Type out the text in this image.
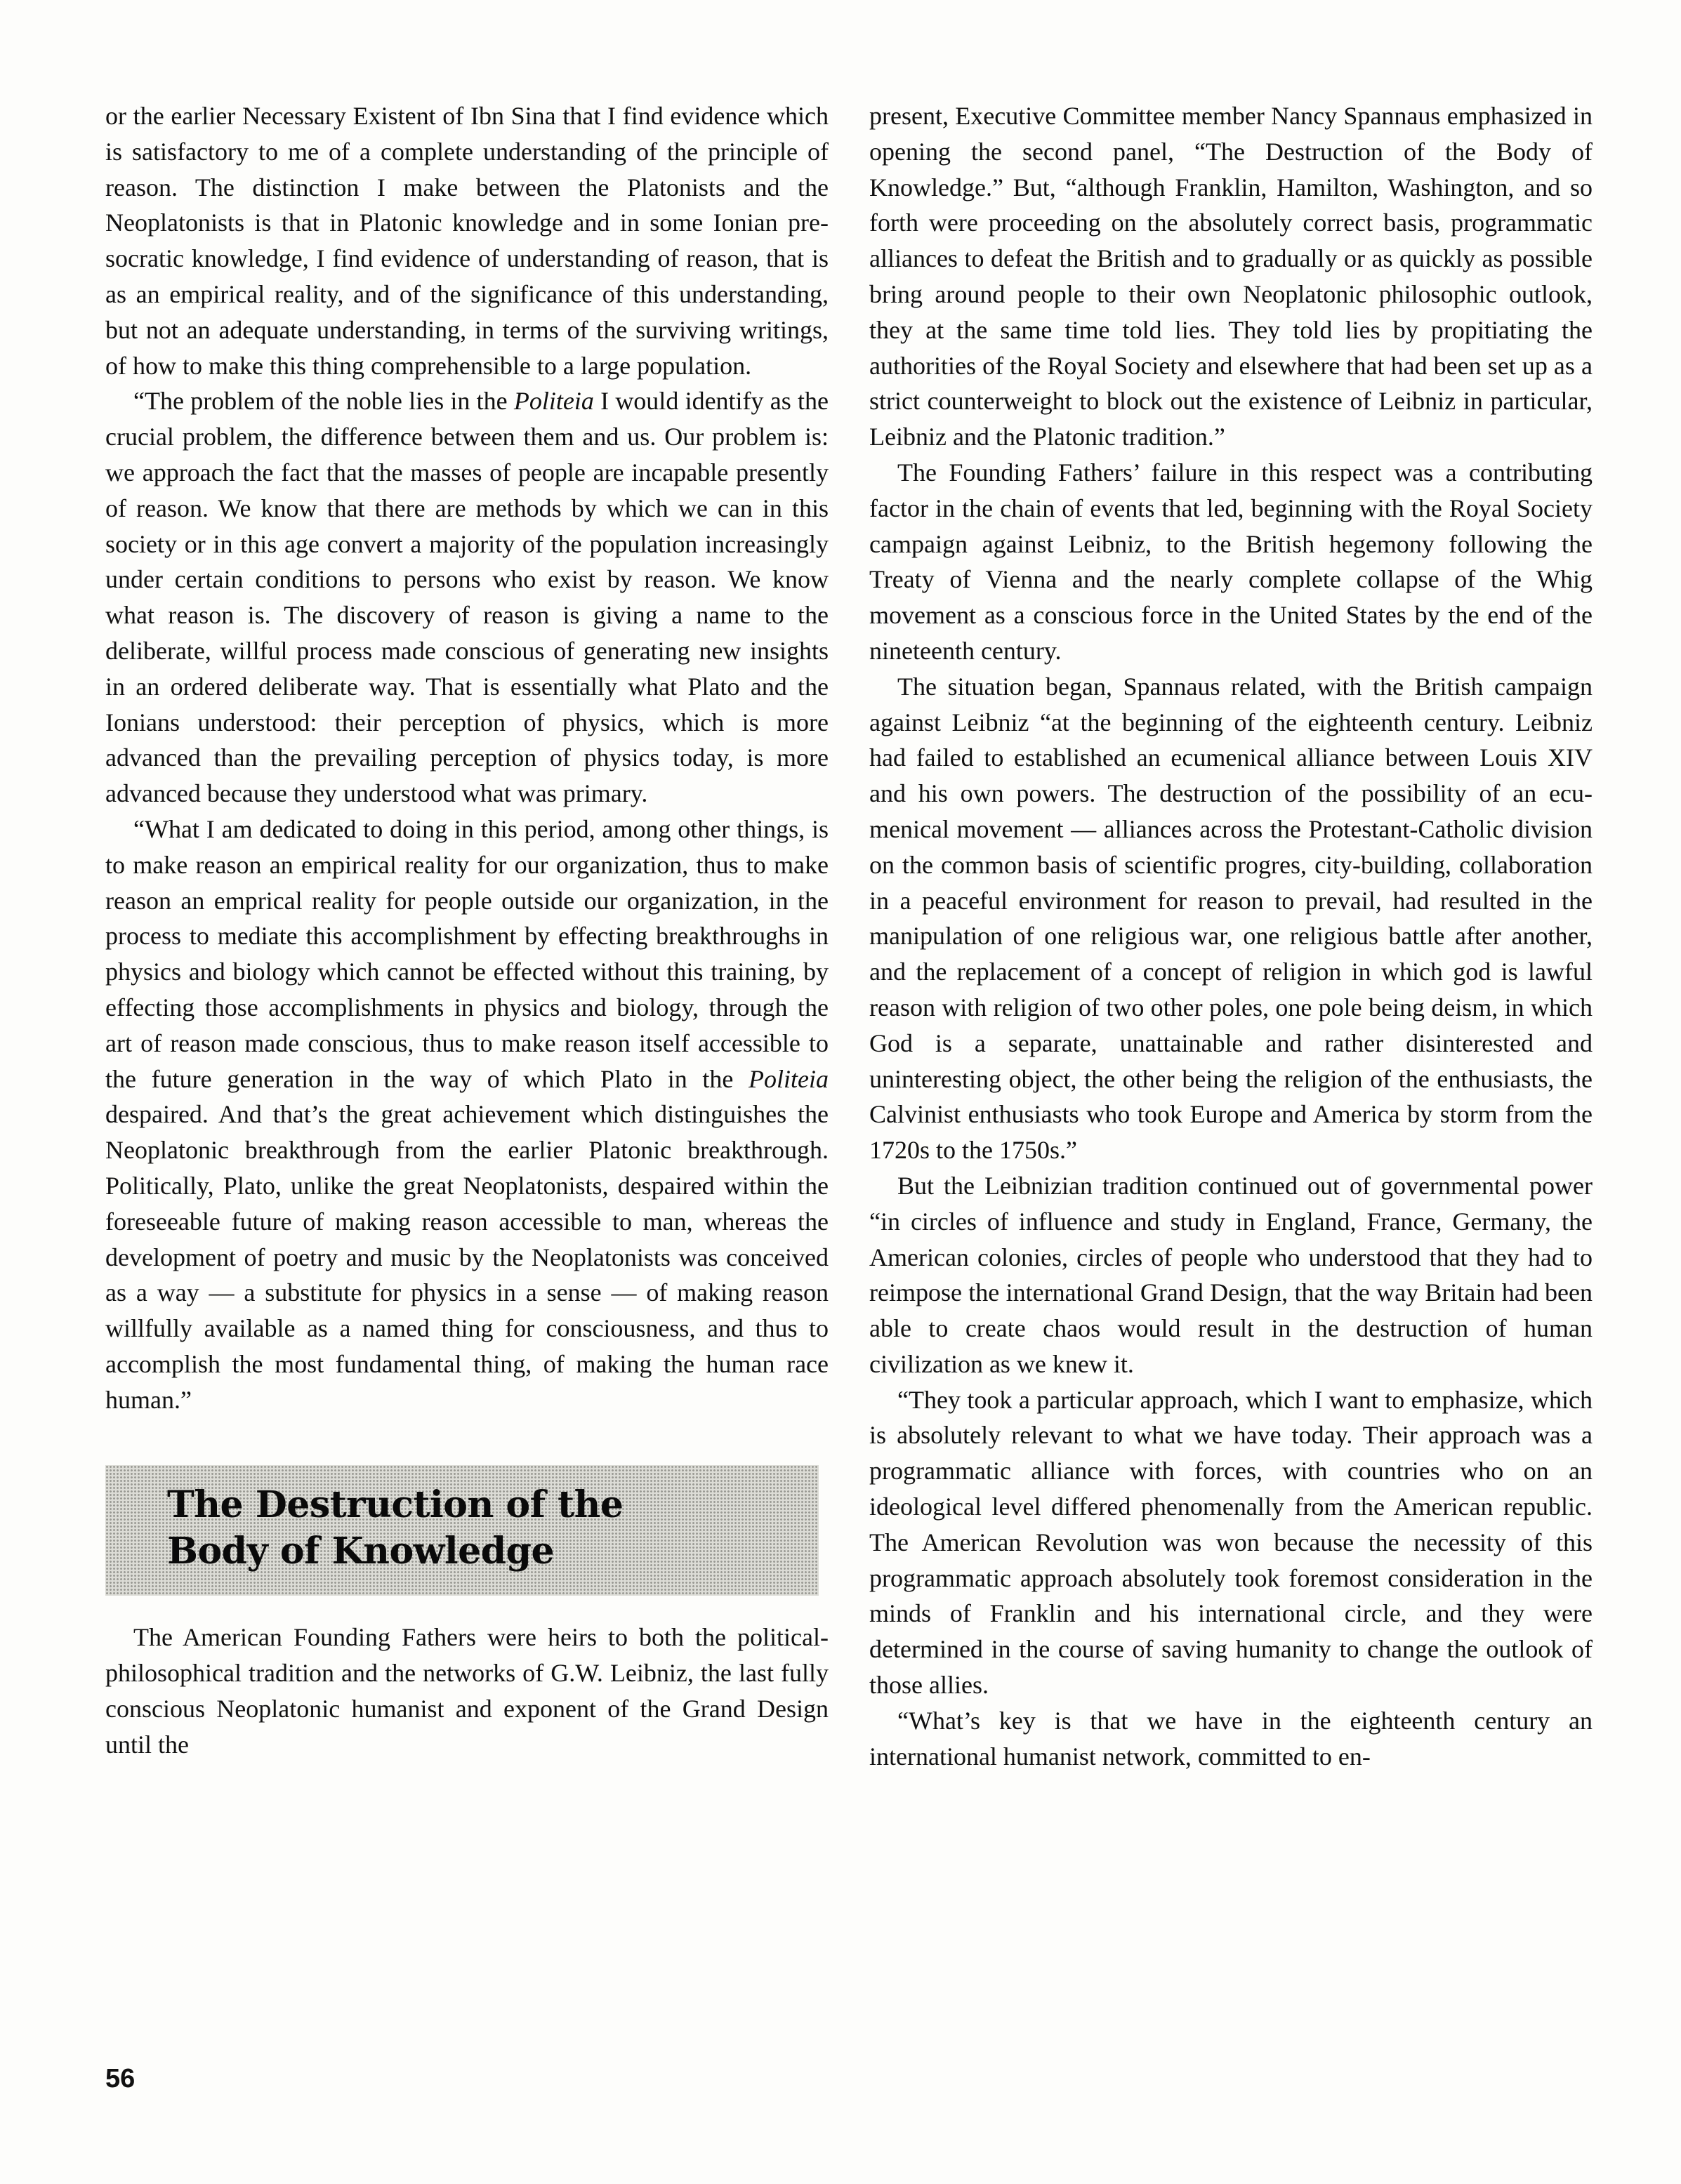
or the earlier Necessary Existent of Ibn Sina that I find evidence which is satisfactory to me of a complete understanding of the principle of reason. The distinction I make between the Platonists and the Neoplatonists is that in Platonic knowledge and in some Ionian presocratic knowledge, I find evidence of understanding of reason, that is as an empirical reality, and of the significance of this understanding, but not an adequate understanding, in terms of the surviving writings, of how to make this thing comprehensible to a large population.

“The problem of the noble lies in the Politeia I would identify as the crucial problem, the difference between them and us. Our problem is: we approach the fact that the masses of people are incapable presently of reason. We know that there are methods by which we can in this society or in this age convert a majority of the population increasingly under certain conditions to persons who exist by reason. We know what reason is. The discovery of reason is giving a name to the deliberate, willful process made conscious of generating new insights in an ordered deliberate way. That is essentially what Plato and the Ionians understood: their perception of physics, which is more advanced than the prevailing perception of physics today, is more advanced because they understood what was primary.

“What I am dedicated to doing in this period, among other things, is to make reason an empirical reality for our organization, thus to make reason an emprical reality for people outside our organization, in the process to mediate this accomplishment by effecting breakthroughs in physics and biology which cannot be effected without this training, by effecting those accomplishments in physics and biology, through the art of reason made conscious, thus to make reason itself accessible to the future generation in the way of which Plato in the Politeia despaired. And that’s the great achievement which distinguishes the Neoplatonic breakthrough from the earlier Platonic breakthrough. Politically, Plato, unlike the great Neoplatonists, despaired within the foreseeable future of making reason accessible to man, whereas the development of poetry and music by the Neoplatonists was conceived as a way — a substitute for physics in a sense — of making reason willfully available as a named thing for consciousness, and thus to accomplish the most fundamental thing, of making the human race human.”

The Destruction of the
Body of Knowledge

The American Founding Fathers were heirs to both the political-philosophical tradition and the networks of G.W. Leibniz, the last fully conscious Neoplatonic humanist and exponent of the Grand Design until the

present, Executive Committee member Nancy Spannaus emphasized in opening the second panel, “The Destruction of the Body of Knowledge.” But, “although Franklin, Hamilton, Washington, and so forth were proceeding on the absolutely correct basis, programmatic alliances to defeat the British and to gradually or as quickly as possible bring around people to their own Neoplatonic philosophic outlook, they at the same time told lies. They told lies by propitiating the authorities of the Royal Society and elsewhere that had been set up as a strict counterweight to block out the existence of Leibniz in particular, Leibniz and the Platonic tradition.”

The Founding Fathers’ failure in this respect was a contributing factor in the chain of events that led, beginning with the Royal Society campaign against Leibniz, to the British hegemony following the Treaty of Vienna and the nearly complete collapse of the Whig movement as a conscious force in the United States by the end of the nineteenth century.

The situation began, Spannaus related, with the British campaign against Leibniz “at the beginning of the eighteenth century. Leibniz had failed to established an ecumenical alliance between Louis XIV and his own powers. The destruction of the possibility of an ecumenical movement — alliances across the Protestant-Catholic division on the common basis of scientific progres, city-building, collaboration in a peaceful environment for reason to prevail, had resulted in the manipulation of one religious war, one religious battle after another, and the replacement of a concept of religion in which god is lawful reason with religion of two other poles, one pole being deism, in which God is a separate, unattainable and rather disinterested and uninteresting object, the other being the religion of the enthusiasts, the Calvinist enthusiasts who took Europe and America by storm from the 1720s to the 1750s.”

But the Leibnizian tradition continued out of governmental power “in circles of influence and study in England, France, Germany, the American colonies, circles of people who understood that they had to reimpose the international Grand Design, that the way Britain had been able to create chaos would result in the destruction of human civilization as we knew it.

“They took a particular approach, which I want to emphasize, which is absolutely relevant to what we have today. Their approach was a programmatic alliance with forces, with countries who on an ideological level differed phenomenally from the American republic. The American Revolution was won because the necessity of this programmatic approach absolutely took foremost consideration in the minds of Franklin and his international circle, and they were determined in the course of saving humanity to change the outlook of those allies.

“What’s key is that we have in the eighteenth century an international humanist network, committed to en-

56
